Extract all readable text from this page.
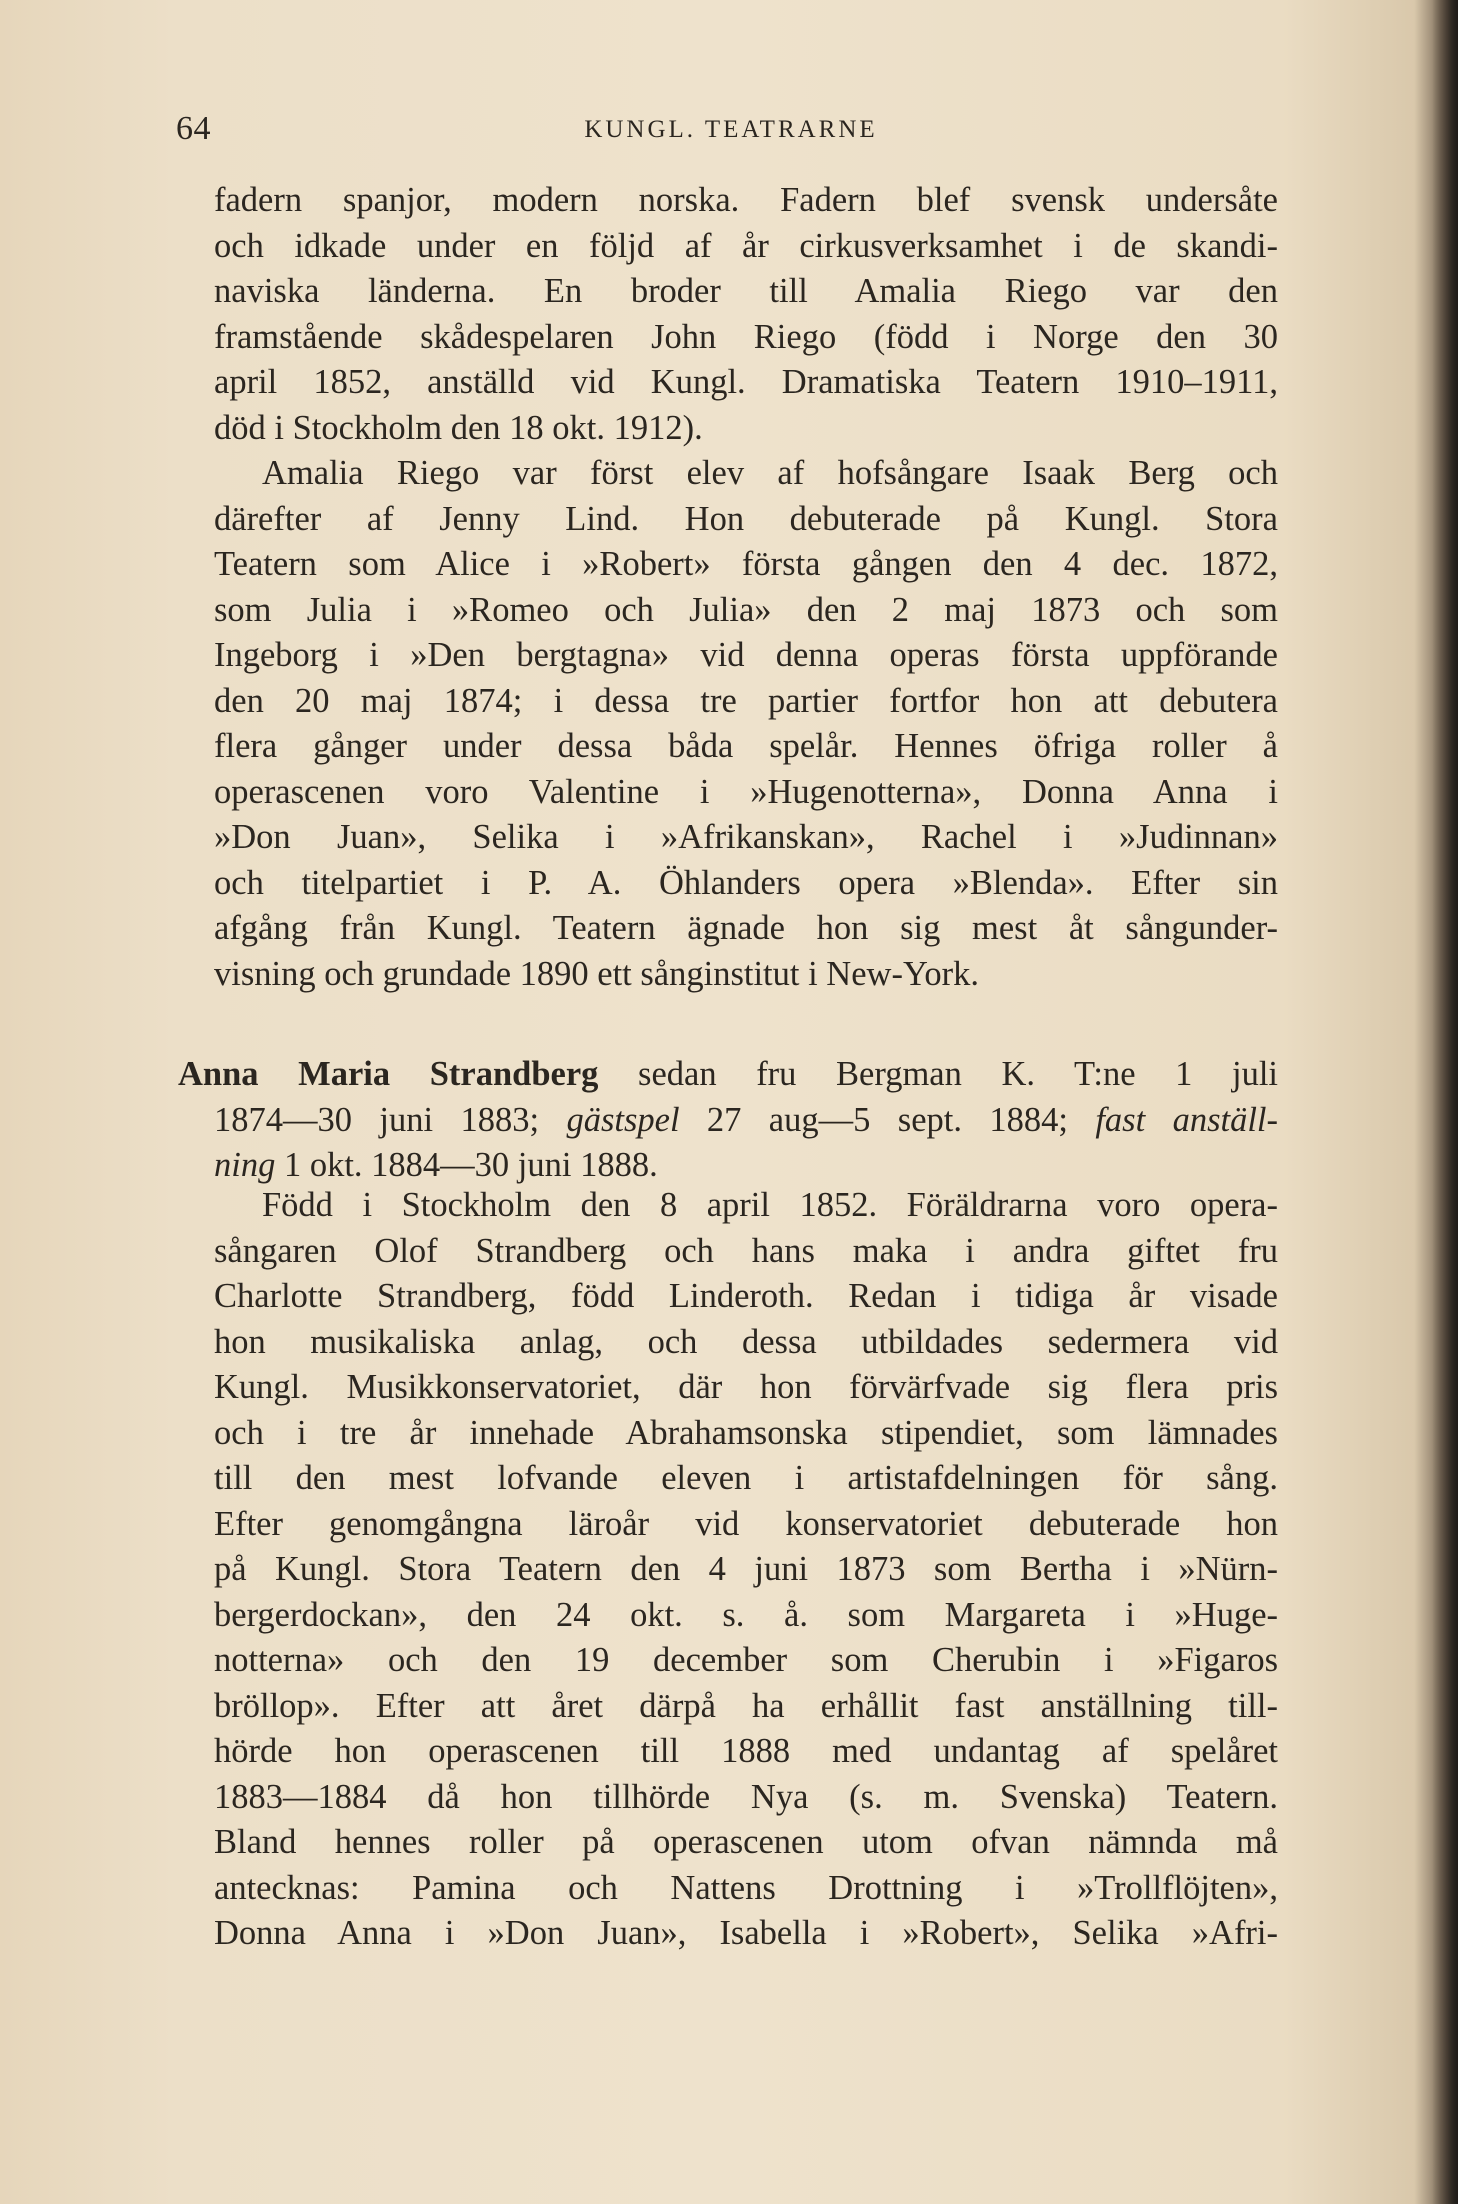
64	KUNGL. TEATRARNE

fadern spanjor, modern norska. Fadern blef svensk undersåte

och idkade under en följd af år cirkusverksamhet i de skandi-

naviska länderna. En broder till Amalia Riego var den

framstående skådespelaren John Riego (född i Norge den 30

april 1852, anställd vid Kungl. Dramatiska Teatern 1910–1911,

död i Stockholm den 18 okt. 1912).

Amalia Riego var först elev af hofsångare Isaak Berg och

därefter af Jenny Lind. Hon debuterade på Kungl. Stora

Teatern som Alice i »Robert» första gången den 4 dec. 1872,

som Julia i »Romeo och Julia» den 2 maj 1873 och som

Ingeborg i »Den bergtagna» vid denna operas första uppförande

den 20 maj 1874; i dessa tre partier fortfor hon att debutera

flera gånger under dessa båda spelår. Hennes öfriga roller å

operascenen voro Valentine i »Hugenotterna», Donna Anna i

»Don Juan», Selika i »Afrikanskan», Rachel i »Judinnan»

och titelpartiet i P. A. Öhlanders opera »Blenda». Efter sin

afgång från Kungl. Teatern ägnade hon sig mest åt sångunder-

visning och grundade 1890 ett sånginstitut i New-York.

Anna Maria Strandberg sedan fru Bergman K. T:ne 1 juli

1874—30 juni 1883; gästspel 27 aug—5 sept. 1884; fast anställ-

ning 1 okt. 1884—30 juni 1888.

Född i Stockholm den 8 april 1852. Föräldrarna voro opera-

sångaren Olof Strandberg och hans maka i andra giftet fru

Charlotte Strandberg, född Linderoth. Redan i tidiga år visade

hon musikaliska anlag, och dessa utbildades sedermera vid

Kungl. Musikkonservatoriet, där hon förvärfvade sig flera pris

och i tre år innehade Abrahamsonska stipendiet, som lämnades

till den mest lofvande eleven i artistafdelningen för sång.

Efter genomgångna läroår vid konservatoriet debuterade hon

på Kungl. Stora Teatern den 4 juni 1873 som Bertha i »Nürn-

bergerdockan», den 24 okt. s. å. som Margareta i »Huge-

notterna» och den 19 december som Cherubin i »Figaros

bröllop». Efter att året därpå ha erhållit fast anställning till-

hörde hon operascenen till 1888 med undantag af spelåret

1883—1884 då hon tillhörde Nya (s. m. Svenska) Teatern.

Bland hennes roller på operascenen utom ofvan nämnda må

antecknas: Pamina och Nattens Drottning i »Trollflöjten»,

Donna Anna i »Don Juan», Isabella i »Robert», Selika »Afri-
